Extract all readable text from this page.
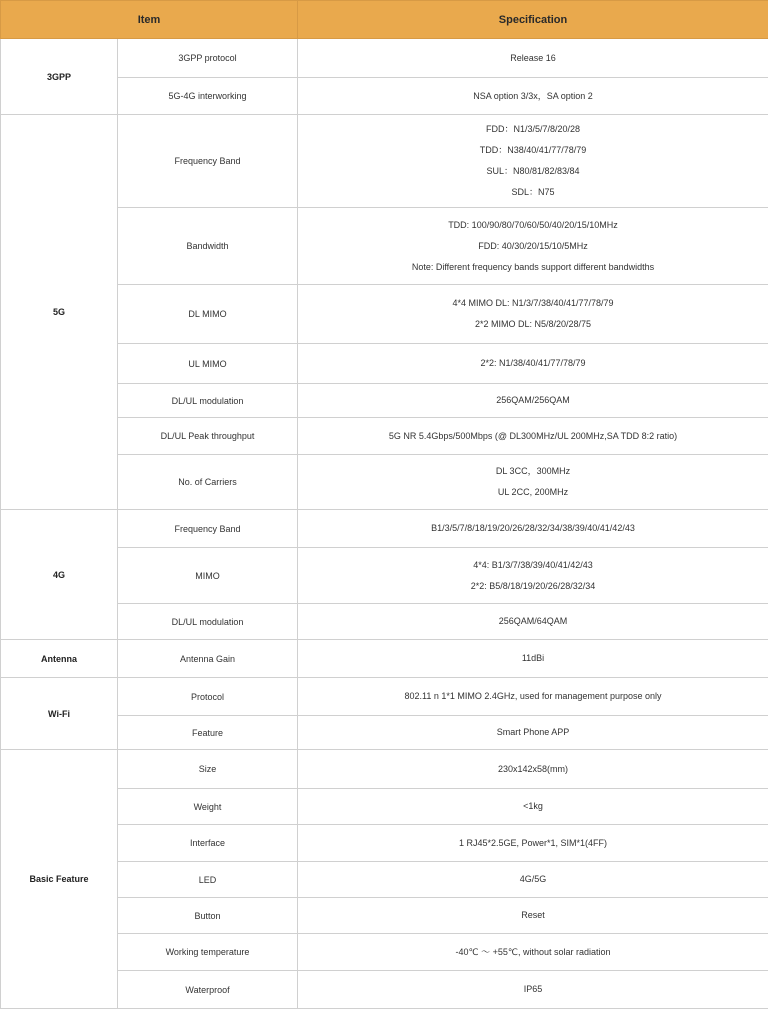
Item		Specification
3GPP	3GPP protocol	Release 16

	5G-4G interworking	NSA option 3/3x，SA option 2

5G	Frequency Band	FDD：N1/3/5/7/8/20/28
TDD：N38/40/41/77/78/79
SUL：N80/81/82/83/84
SDL：N75

	Bandwidth	TDD: 100/90/80/70/60/50/40/20/15/10MHz
FDD: 40/30/20/15/10/5MHz
Note: Different frequency bands support different bandwidths

	DL MIMO	4*4 MIMO DL: N1/3/7/38/40/41/77/78/79
2*2 MIMO DL: N5/8/20/28/75

	UL MIMO	2*2: N1/38/40/41/77/78/79

	DL/UL modulation	256QAM/256QAM

	DL/UL Peak throughput	5G NR 5.4Gbps/500Mbps (@ DL300MHz/UL 200MHz,SA TDD 8:2 ratio)

	No. of Carriers	DL 3CC，300MHz
UL 2CC, 200MHz

4G	Frequency Band	B1/3/5/7/8/18/19/20/26/28/32/34/38/39/40/41/42/43

	MIMO	4*4: B1/3/7/38/39/40/41/42/43
2*2: B5/8/18/19/20/26/28/32/34

	DL/UL modulation	256QAM/64QAM

Antenna	Antenna Gain	11dBi

Wi-Fi	Protocol	802.11 n 1*1 MIMO 2.4GHz, used for management purpose only

	Feature	Smart Phone APP

Basic Feature	Size	230x142x58(mm)

	Weight	<1kg

	Interface	1 RJ45*2.5GE, Power*1, SIM*1(4FF)

	LED	4G/5G

	Button	Reset

	Working temperature	-40℃ ～ +55℃, without solar radiation

	Waterproof	IP65
